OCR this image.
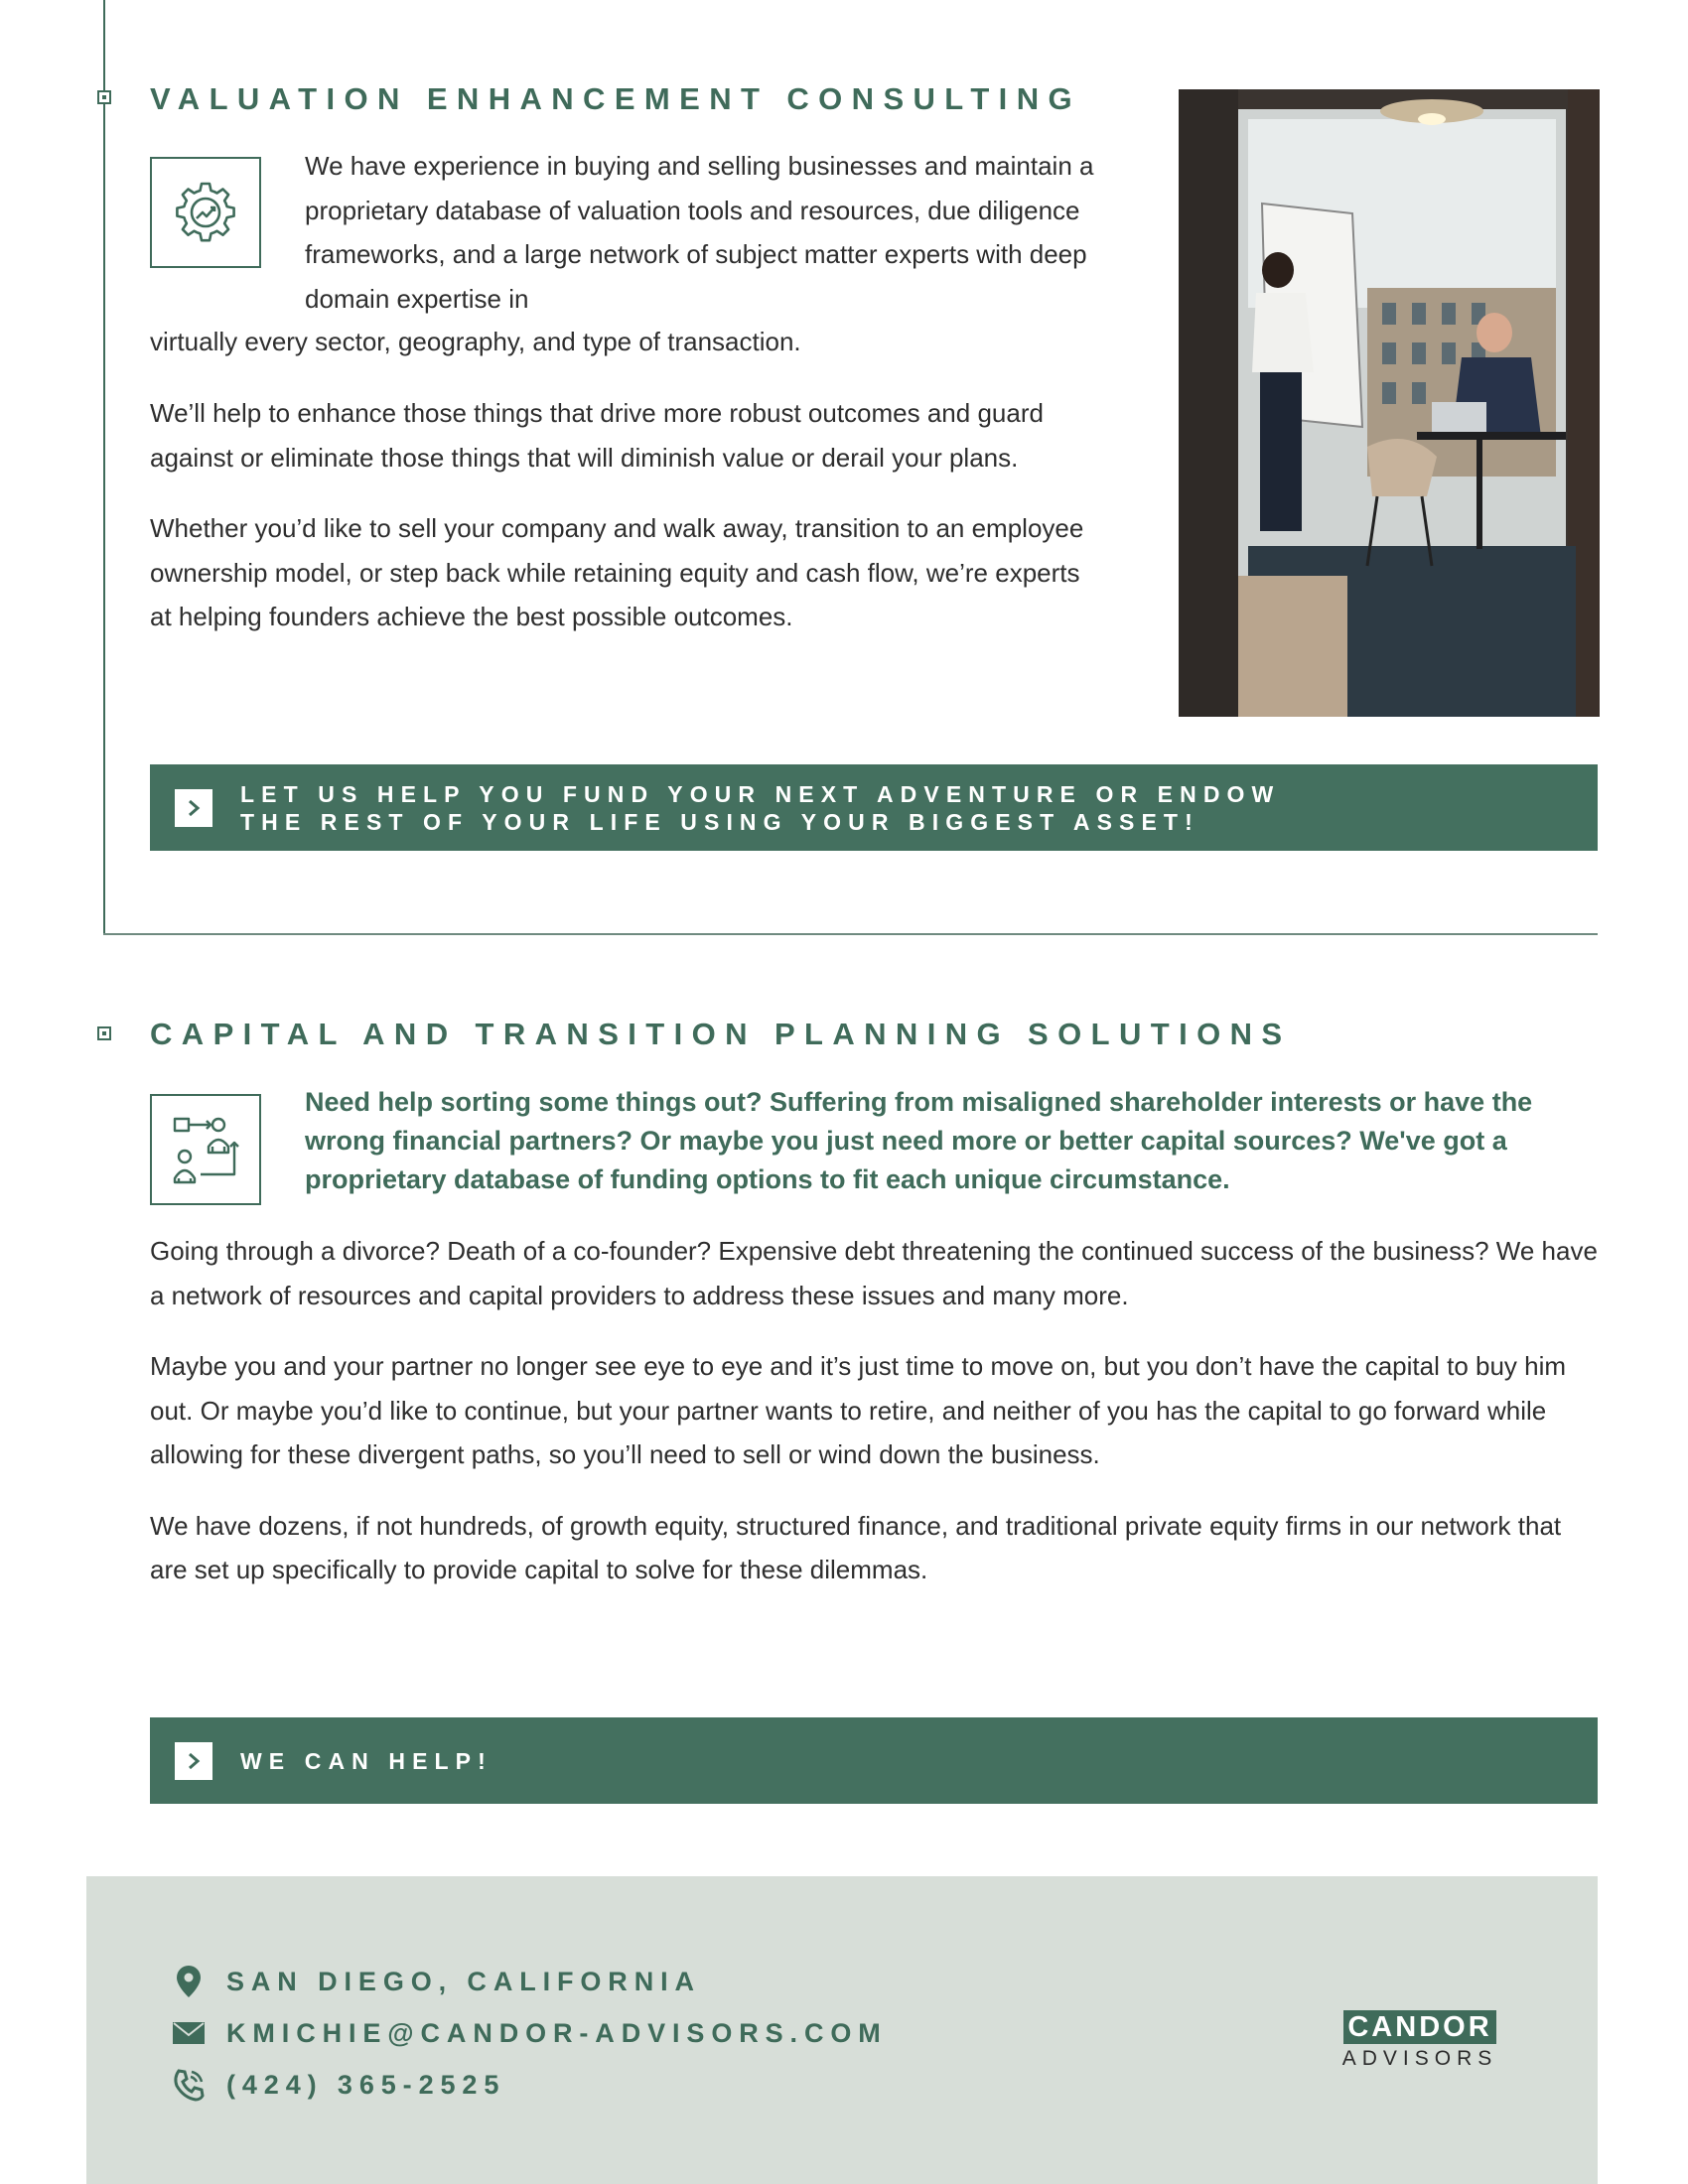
VALUATION ENHANCEMENT CONSULTING

We have experience in buying and selling businesses and maintain a proprietary database of valuation tools and resources, due diligence frameworks, and a large network of subject matter experts with deep domain expertise in

We’ll help to enhance those things that drive more robust outcomes and guard against or eliminate those things that will diminish value or derail your plans.

Whether you’d like to sell your company and walk away, transition to an employee ownership model, or step back while retaining equity and cash flow, we’re experts at helping founders achieve the best possible outcomes.

LET US HELP YOU FUND YOUR NEXT ADVENTURE OR ENDOW
THE REST OF YOUR LIFE USING YOUR BIGGEST ASSET!
CAPITAL AND TRANSITION PLANNING SOLUTIONS

Need help sorting some things out? Suffering from misaligned shareholder interests or have the wrong financial partners? Or maybe you just need more or better capital sources? We've got a proprietary database of funding options to fit each unique circumstance.

Going through a divorce? Death of a co-founder? Expensive debt threatening the continued success of the business? We have a network of resources and capital providers to address these issues and many more.

Maybe you and your partner no longer see eye to eye and it’s just time to move on, but you don’t have the capital to buy him out. Or maybe you’d like to continue, but your partner wants to retire, and neither of you has the capital to go forward while allowing for these divergent paths, so you’ll need to sell or wind down the business.

We have dozens, if not hundreds, of growth equity, structured finance, and traditional private equity firms in our network that are set up specifically to provide capital to solve for these dilemmas.

WE CAN HELP!
SAN DIEGO, CALIFORNIA
KMICHIE@CANDOR-ADVISORS.COM
(424) 365-2525
CANDOR
ADVISORS

virtually every sector, geography, and type of transaction.
